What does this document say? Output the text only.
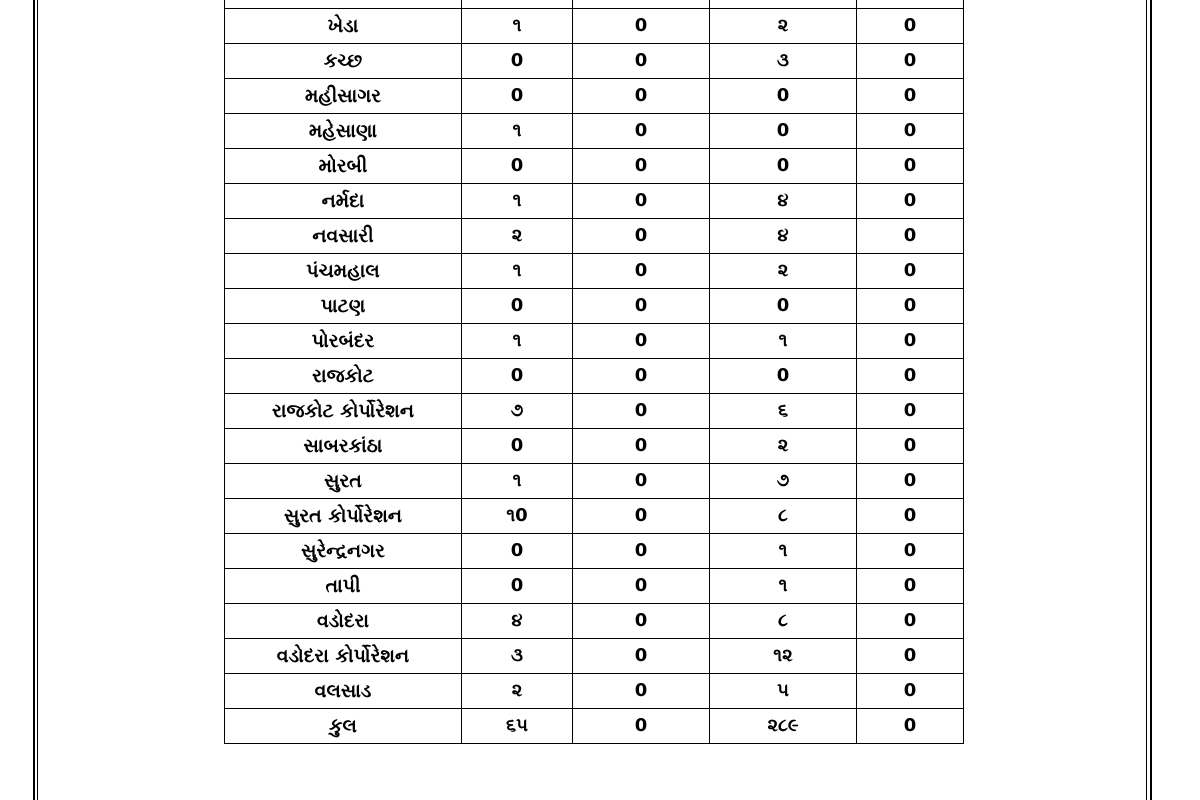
ખેડા	૧	0	૨	0
કચ્છ	0	0	૩	0
મહીસાગર	0	0	0	0
મહેસાણા	૧	0	0	0
મોરબી	0	0	0	0
નર્મદા	૧	0	૪	0
નવસારી	૨	0	૪	0
પંચમહાલ	૧	0	૨	0
પાટણ	0	0	0	0
પોરબંદર	૧	0	૧	0
રાજકોટ	0	0	0	0
રાજકોટ કોર્પોરેશન	૭	0	૬	0
સાબરકાંઠા	0	0	૨	0
સુરત	૧	0	૭	0
સુરત કોર્પોરેશન	૧0	0	૮	0
સુરેન્દ્રનગર	0	0	૧	0
તાપી	0	0	૧	0
વડોદરા	૪	0	૮	0
વડોદરા કોર્પોરેશન	૩	0	૧૨	0
વલસાડ	૨	0	૫	0
કુલ	૬૫	0	૨૮૯	0
